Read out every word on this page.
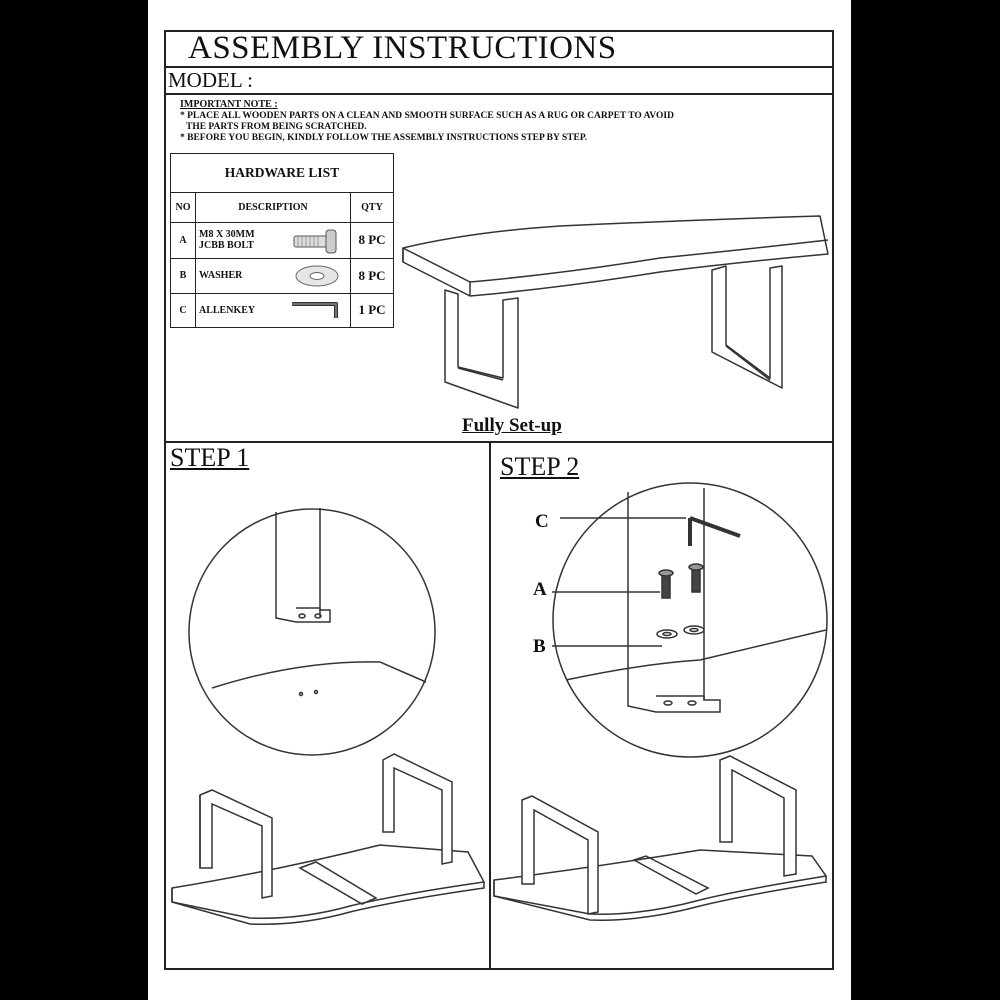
ASSEMBLY INSTRUCTIONS
MODEL :
IMPORTANT NOTE :
* PLACE ALL WOODEN PARTS ON A CLEAN AND SMOOTH SURFACE SUCH AS A RUG OR CARPET TO AVOID
THE PARTS FROM BEING SCRATCHED.
* BEFORE YOU BEGIN, KINDLY FOLLOW THE ASSEMBLY INSTRUCTIONS STEP BY STEP.
HARDWARE LIST		
NO	DESCRIPTION	QTY
A	M8 X 30MM
JCBB BOLT	8 PC
B	WASHER	8 PC
C	ALLENKEY	1 PC
Fully Set-up
STEP 1	STEP 2
C
A
B
